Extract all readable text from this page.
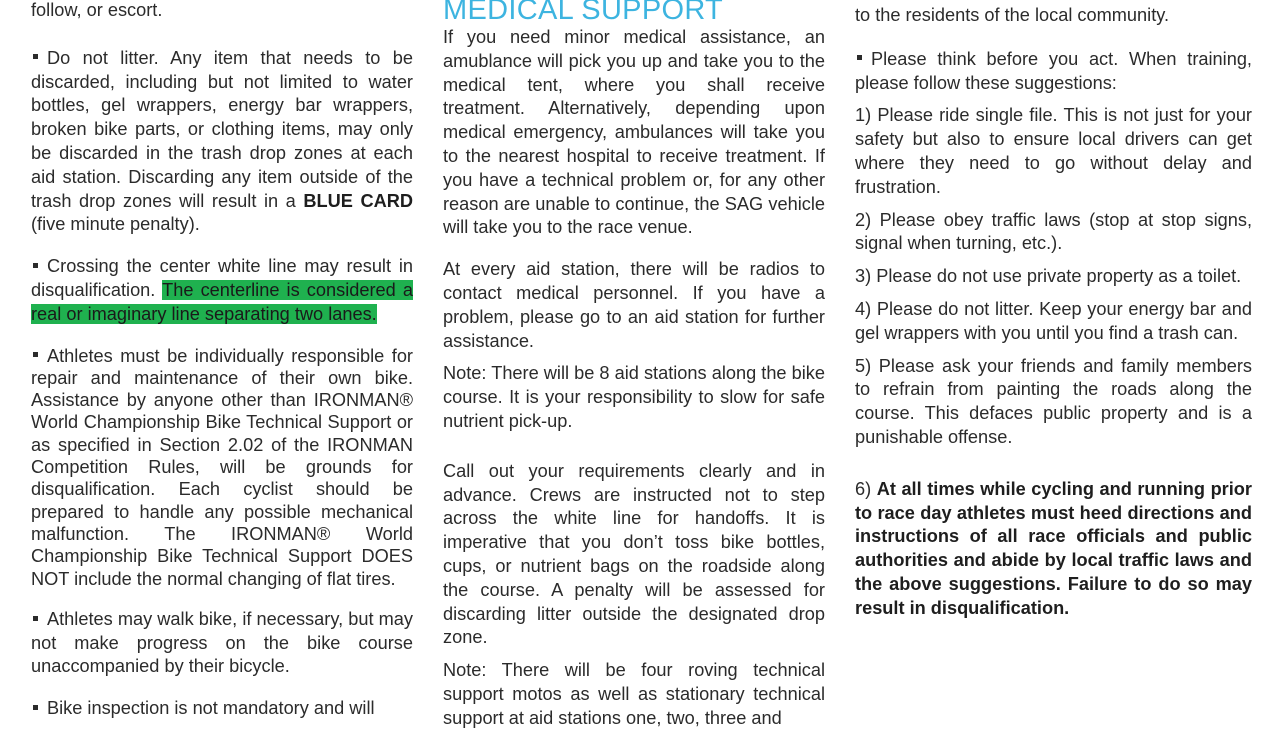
follow, or escort.

Do not litter. Any item that needs to be discarded, including but not limited to water bottles, gel wrappers, energy bar wrappers, broken bike parts, or clothing items, may only be discarded in the trash drop zones at each aid station. Discarding any item outside of the trash drop zones will result in a BLUE CARD (five minute penalty).

Crossing the center white line may result in disqualification. The centerline is considered a real or imaginary line separating two lanes.

Athletes must be individually responsible for repair and maintenance of their own bike. Assistance by anyone other than IRONMAN® World Championship Bike Technical Support or as specified in Section 2.02 of the IRONMAN Competition Rules, will be grounds for disqualification. Each cyclist should be prepared to handle any possible mechanical malfunction. The IRONMAN® World Championship Bike Technical Support DOES NOT include the normal changing of flat tires.

Athletes may walk bike, if necessary, but may not make progress on the bike course unaccompanied by their bicycle.

Bike inspection is not mandatory and will

MEDICAL SUPPORT

If you need minor medical assistance, an amublance will pick you up and take you to the medical tent, where you shall receive treatment. Alternatively, depending upon medical emergency, ambulances will take you to the nearest hospital to receive treatment. If you have a technical problem or, for any other reason are unable to continue, the SAG vehicle will take you to the race venue.

At every aid station, there will be radios to contact medical personnel. If you have a problem, please go to an aid station for further assistance.

Note: There will be 8 aid stations along the bike course. It is your responsibility to slow for safe nutrient pick-up.

Call out your requirements clearly and in advance. Crews are instructed not to step across the white line for handoffs. It is imperative that you don’t toss bike bottles, cups, or nutrient bags on the roadside along the course. A penalty will be assessed for discarding litter outside the designated drop zone.

Note: There will be four roving technical support motos as well as stationary technical support at aid stations one, two, three and

to the residents of the local community.

Please think before you act. When training, please follow these suggestions:

1) Please ride single file. This is not just for your safety but also to ensure local drivers can get where they need to go without delay and frustration.

2) Please obey traffic laws (stop at stop signs, signal when turning, etc.).

3) Please do not use private property as a toilet.

4) Please do not litter. Keep your energy bar and gel wrappers with you until you find a trash can.

5) Please ask your friends and family members to refrain from painting the roads along the course. This defaces public property and is a punishable offense.

6) At all times while cycling and running prior to race day athletes must heed directions and instructions of all race officials and public authorities and abide by local traffic laws and the above suggestions. Failure to do so may result in disqualification.
